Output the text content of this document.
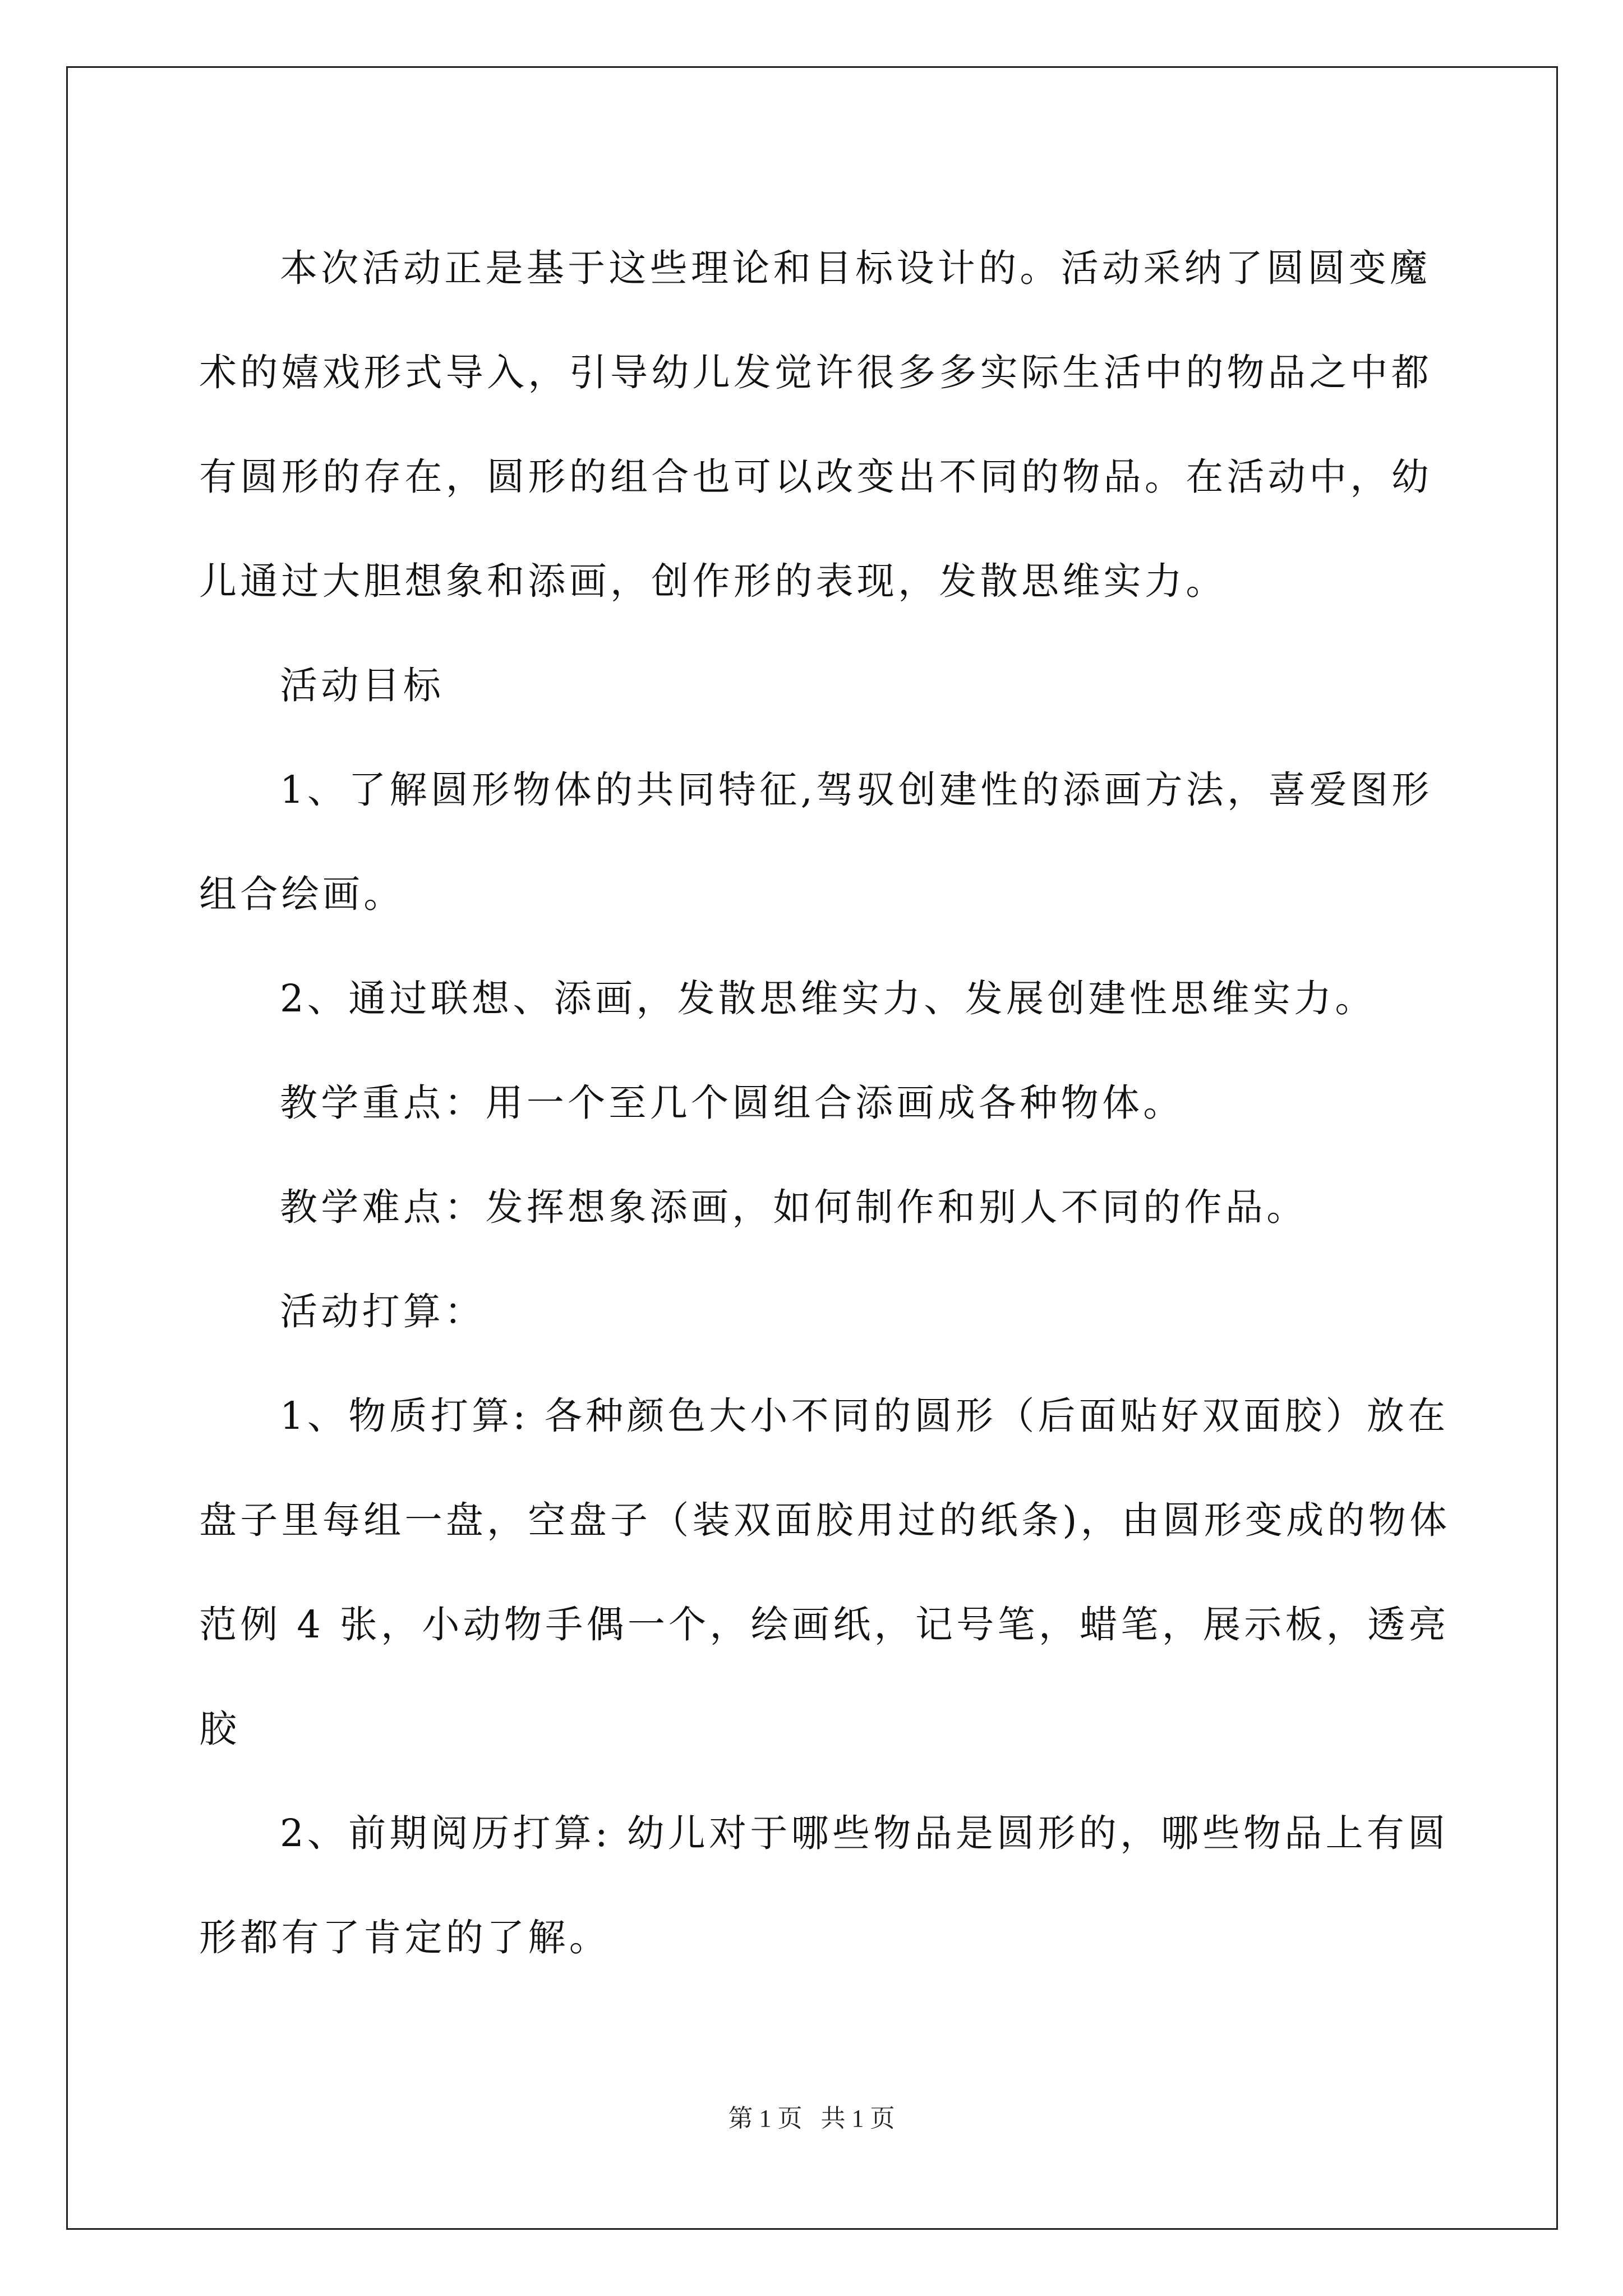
本次活动正是基于这些理论和目标设计的。活动采纳了圆圆变魔

术的嬉戏形式导入，引导幼儿发觉许很多多实际生活中的物品之中都

有圆形的存在，圆形的组合也可以改变出不同的物品。在活动中，幼

儿通过大胆想象和添画，创作形的表现，发散思维实力。

活动目标

1、了解圆形物体的共同特征,驾驭创建性的添画方法，喜爱图形

组合绘画。

2、通过联想、添画，发散思维实力、发展创建性思维实力。

教学重点：用一个至几个圆组合添画成各种物体。

教学难点：发挥想象添画，如何制作和别人不同的作品。

活动打算：

1、物质打算: 各种颜色大小不同的圆形（后面贴好双面胶）放在

盘子里每组一盘，空盘子（装双面胶用过的纸条)，由圆形变成的物体

范例 4 张，小动物手偶一个，绘画纸，记号笔，蜡笔，展示板，透亮

胶

2、前期阅历打算: 幼儿对于哪些物品是圆形的，哪些物品上有圆

形都有了肯定的了解。

第 1 页   共 1 页
